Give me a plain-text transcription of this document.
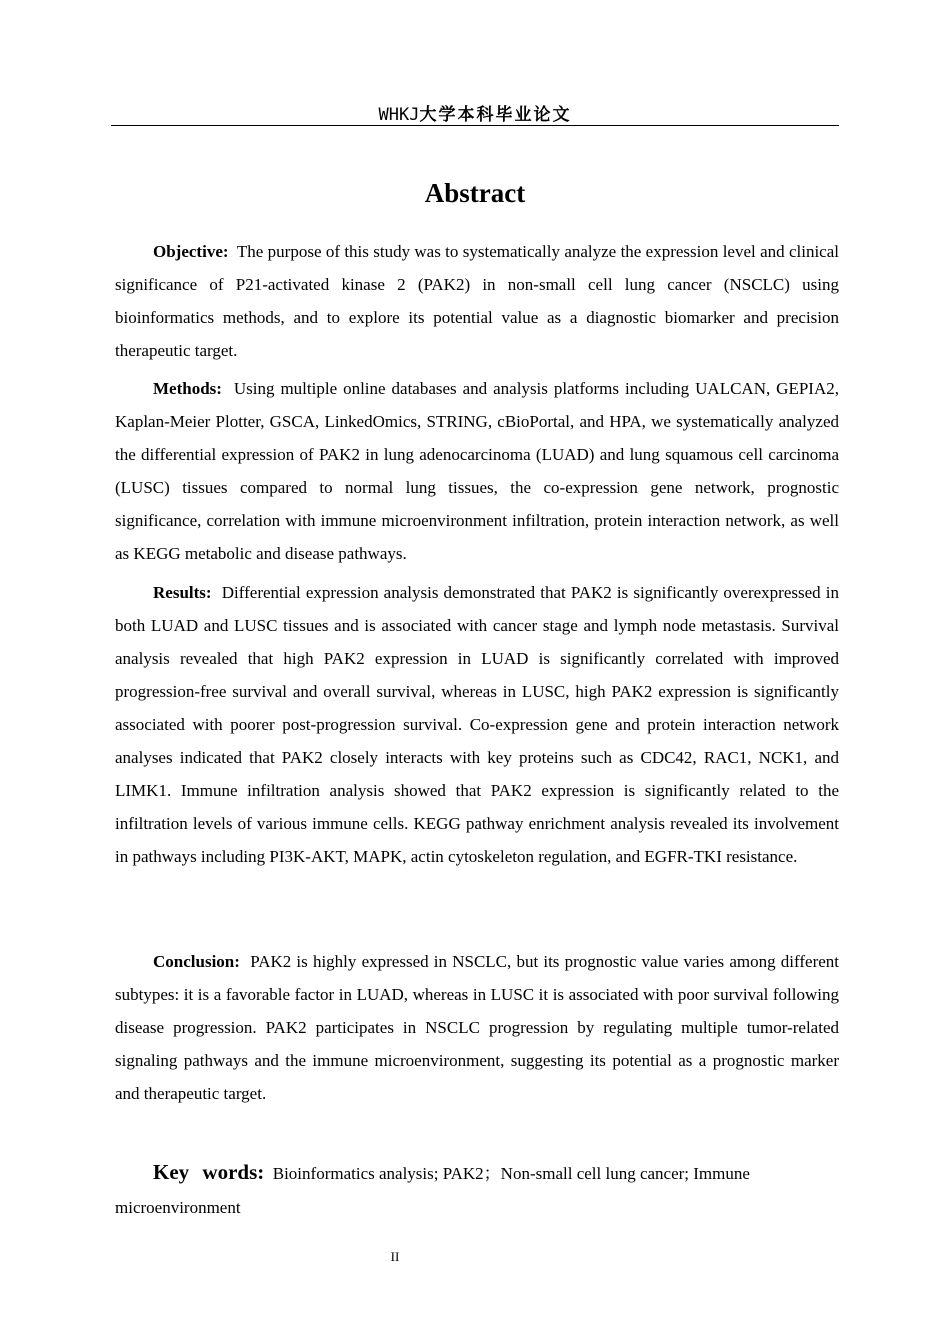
WHKJ大学本科毕业论文
Abstract

Objective: The purpose of this study was to systematically analyze the expression level and clinical significance of P21-activated kinase 2 (PAK2) in non-small cell lung cancer (NSCLC) using bioinformatics methods, and to explore its potential value as a diagnostic biomarker and precision therapeutic target.

Methods: Using multiple online databases and analysis platforms including UALCAN, GEPIA2, Kaplan-Meier Plotter, GSCA, LinkedOmics, STRING, cBioPortal, and HPA, we systematically analyzed the differential expression of PAK2 in lung adenocarcinoma (LUAD) and lung squamous cell carcinoma (LUSC) tissues compared to normal lung tissues, the co-expression gene network, prognostic significance, correlation with immune microenvironment infiltration, protein interaction network, as well as KEGG metabolic and disease pathways.

Results: Differential expression analysis demonstrated that PAK2 is significantly overexpressed in both LUAD and LUSC tissues and is associated with cancer stage and lymph node metastasis. Survival analysis revealed that high PAK2 expression in LUAD is significantly correlated with improved progression-free survival and overall survival, whereas in LUSC, high PAK2 expression is significantly associated with poorer post-progression survival. Co-expression gene and protein interaction network analyses indicated that PAK2 closely interacts with key proteins such as CDC42, RAC1, NCK1, and LIMK1. Immune infiltration analysis showed that PAK2 expression is significantly related to the infiltration levels of various immune cells. KEGG pathway enrichment analysis revealed its involvement in pathways including PI3K-AKT, MAPK, actin cytoskeleton regulation, and EGFR-TKI resistance.

Conclusion: PAK2 is highly expressed in NSCLC, but its prognostic value varies among different subtypes: it is a favorable factor in LUAD, whereas in LUSC it is associated with poor survival following disease progression. PAK2 participates in NSCLC progression by regulating multiple tumor-related signaling pathways and the immune microenvironment, suggesting its potential as a prognostic marker and therapeutic target.

Key words: Bioinformatics analysis; PAK2；Non-small cell lung cancer; Immune microenvironment

II
